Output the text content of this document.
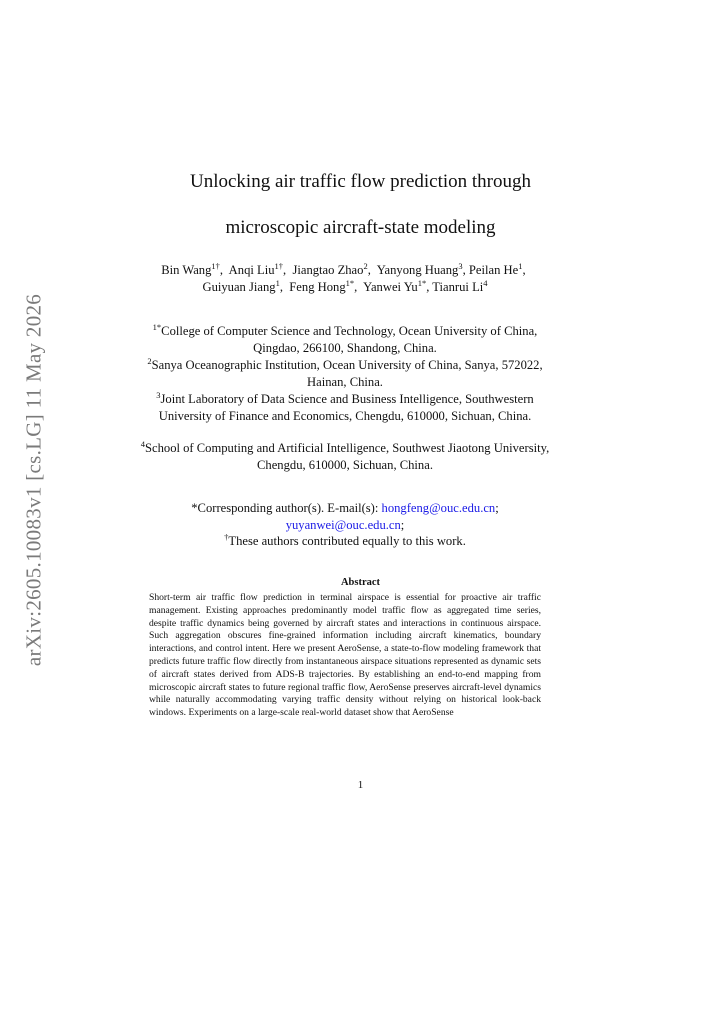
arXiv:2605.10083v1 [cs.LG] 11 May 2026
Unlocking air traffic flow prediction through
microscopic aircraft-state modeling
Bin Wang$^{1\dagger}$, Anqi Liu$^{1\dagger}$, Jiangtao Zhao$^2$, Yanyong Huang$^3$, Peilan He$^1$,  Guiyuan Jiang$^1$, Feng Hong$^{1*}$, Yanwei $Yu^{1*}$, Tianrui Li$^4$
$^{1*}$College of Computer Science and Technology, Ocean University of China, Qingdao, 266100, Shandong, China.
$^2$Sanya Oceanographic Institution, Ocean University of China, Sanya, 572022, Hainan, China.
$^3$Joint Laboratory of Data Science and Business Intelligence, Southwestern University of Finance and Economics, Chengdu, 610000, Sichuan, China.
$^4$School of Computing and Artificial Intelligence, Southwest Jiaotong University, Chengdu, 610000, Sichuan, China.
*Corresponding author(s). E-mail(s): hongfeng@ouc.edu.cn;
yuyanwei@ouc.edu.cn;
†These authors contributed equally to this work.
Abstract
Short-term air traffic flow prediction in terminal airspace is essential for proactive air traffic management. Existing approaches predominantly model traffic flow as aggregated time series, despite traffic dynamics being governed by aircraft states and interactions in continuous airspace. Such aggregation obscures fine-grained information including aircraft kinematics, boundary interactions, and control intent. Here we present AeroSense, a state-to-flow modeling framework that predicts future traffic flow directly from instantaneous airspace situations represented as dynamic sets of aircraft states derived from ADS-B trajectories. By establishing an end-to-end mapping from microscopic aircraft states to future regional traffic flow, AeroSense preserves aircraft-level dynamics while naturally accommodating varying traffic density without relying on historical look-back windows. Experiments on a large-scale real-world dataset show that AeroSense
1
